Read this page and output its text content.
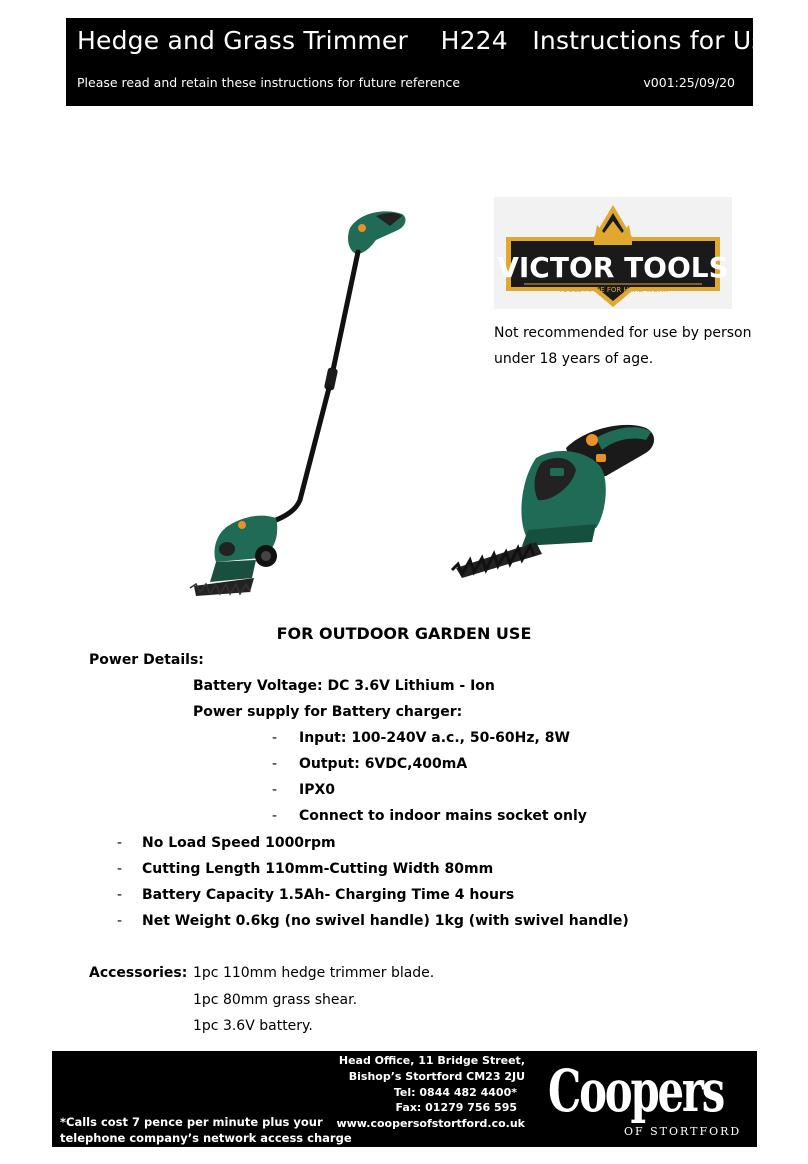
Hedge and Grass Trimmer    H224   Instructions for Use
Please read and retain these instructions for future reference	v001:25/09/20
VICTOR TOOLS
TOOLS MADE FOR HARD WORK
Not recommended for use by person
under 18 years of age.
FOR OUTDOOR GARDEN USE
Power Details:
Battery Voltage: DC 3.6V Lithium - Ion
Power supply for Battery charger:
- Input: 100-240V a.c., 50-60Hz, 8W
- Output: 6VDC,400mA
- IPX0
- Connect to indoor mains socket only
- No Load Speed 1000rpm
- Cutting Length 110mm-Cutting Width 80mm
- Battery Capacity 1.5Ah- Charging Time 4 hours
- Net Weight 0.6kg (no swivel handle) 1kg (with swivel handle)
Accessories: 1pc 110mm hedge trimmer blade.
1pc 80mm grass shear.
1pc 3.6V battery.
Head Office, 11 Bridge Street,
Bishop’s Stortford CM23 2JU
Tel: 0844 482 4400*
Fax: 01279 756 595
www.coopersofstortford.co.uk
*Calls cost 7 pence per minute plus your
telephone company’s network access charge
Coopers
OF STORTFORD
